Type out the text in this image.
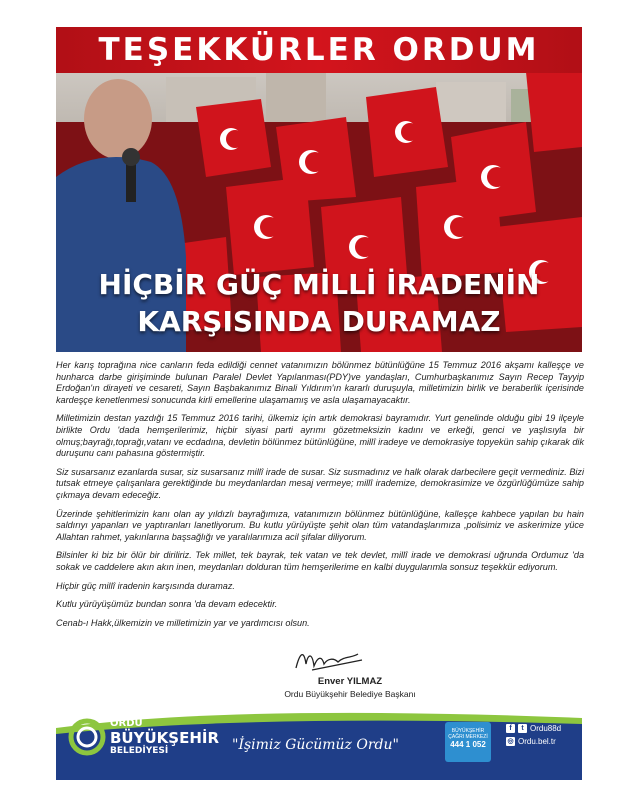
TEŞEKKÜRLER ORDUM
HİÇBİR GÜÇ MİLLİ İRADENİN
KARŞISINDA DURAMAZ

Her karış toprağına nice canların feda edildiği cennet vatanımızın bölünmez bütünlüğüne 15 Temmuz 2016 akşamı kalleşçe ve hunharca darbe girişiminde bulunan Paralel Devlet Yapılanması(PDY)ve yandaşları, Cumhurbaşkanımız Sayın Recep Tayyip Erdoğan'ın dirayeti ve cesareti, Sayın Başbakanımız Binali Yıldırım'ın kararlı duruşuyla, milletimizin birlik ve beraberlik içerisinde kardeşçe kenetlenmesi sonucunda kirli emellerine ulaşamamış ve asla ulaşamayacaktır.

Milletimizin destan yazdığı 15 Temmuz 2016 tarihi, ülkemiz için artık demokrasi bayramıdır. Yurt genelinde olduğu gibi 19 ilçeyle birlikte Ordu 'dada hemşerilerimiz, hiçbir siyasi parti ayrımı gözetmeksizin kadını ve erkeği, genci ve yaşlısıyla bir olmuş;bayrağı,toprağı,vatanı ve ecdadına, devletin bölünmez bütünlüğüne, millî iradeye ve demokrasiye topyekün sahip çıkarak dik duruşunu canı pahasına göstermiştir.

Siz susarsanız ezanlarda susar, siz susarsanız millî irade de susar. Siz susmadınız ve halk olarak darbecilere geçit vermediniz. Bizi tutsak etmeye çalışanlara gerektiğinde bu meydanlardan mesaj vermeye; millî irademize, demokrasimize ve özgürlüğümüze sahip çıkmaya devam edeceğiz.

Üzerinde şehitlerimizin kanı olan ay yıldızlı bayrağımıza, vatanımızın bölünmez bütünlüğüne, kalleşçe kahbece yapılan bu hain saldırıyı yapanları ve yaptıranları lanetliyorum. Bu kutlu yürüyüşte şehit olan tüm vatandaşlarımıza ,polisimiz ve askerimize yüce Allahtan rahmet, yakınlarına başsağlığı ve yaralılarımıza acil şifalar diliyorum.

Bilsinler ki biz bir ölür bir diriliriz. Tek millet, tek bayrak, tek vatan ve tek devlet, millî irade ve demokrasi uğrunda Ordumuz 'da sokak ve caddelere akın akın inen, meydanları dolduran tüm hemşerilerime en kalbi duygularımla sonsuz teşekkür ediyorum.

Hiçbir güç millî iradenin karşısında duramaz.

Kutlu yürüyüşümüz bundan sonra 'da devam edecektir.

Cenab-ı Hakk,ülkemizin ve milletimizin yar ve yardımcısı olsun.

Enver YILMAZ
Ordu Büyükşehir Belediye Başkanı
ORDU
BÜYÜKŞEHİR
BELEDİYESİ	"İşimiz Gücümüz Ordu"
BÜYÜKŞEHİR
ÇAĞRI MERKEZİ
444 1 052
f t Ordu88d
◎ Ordu.bel.tr
